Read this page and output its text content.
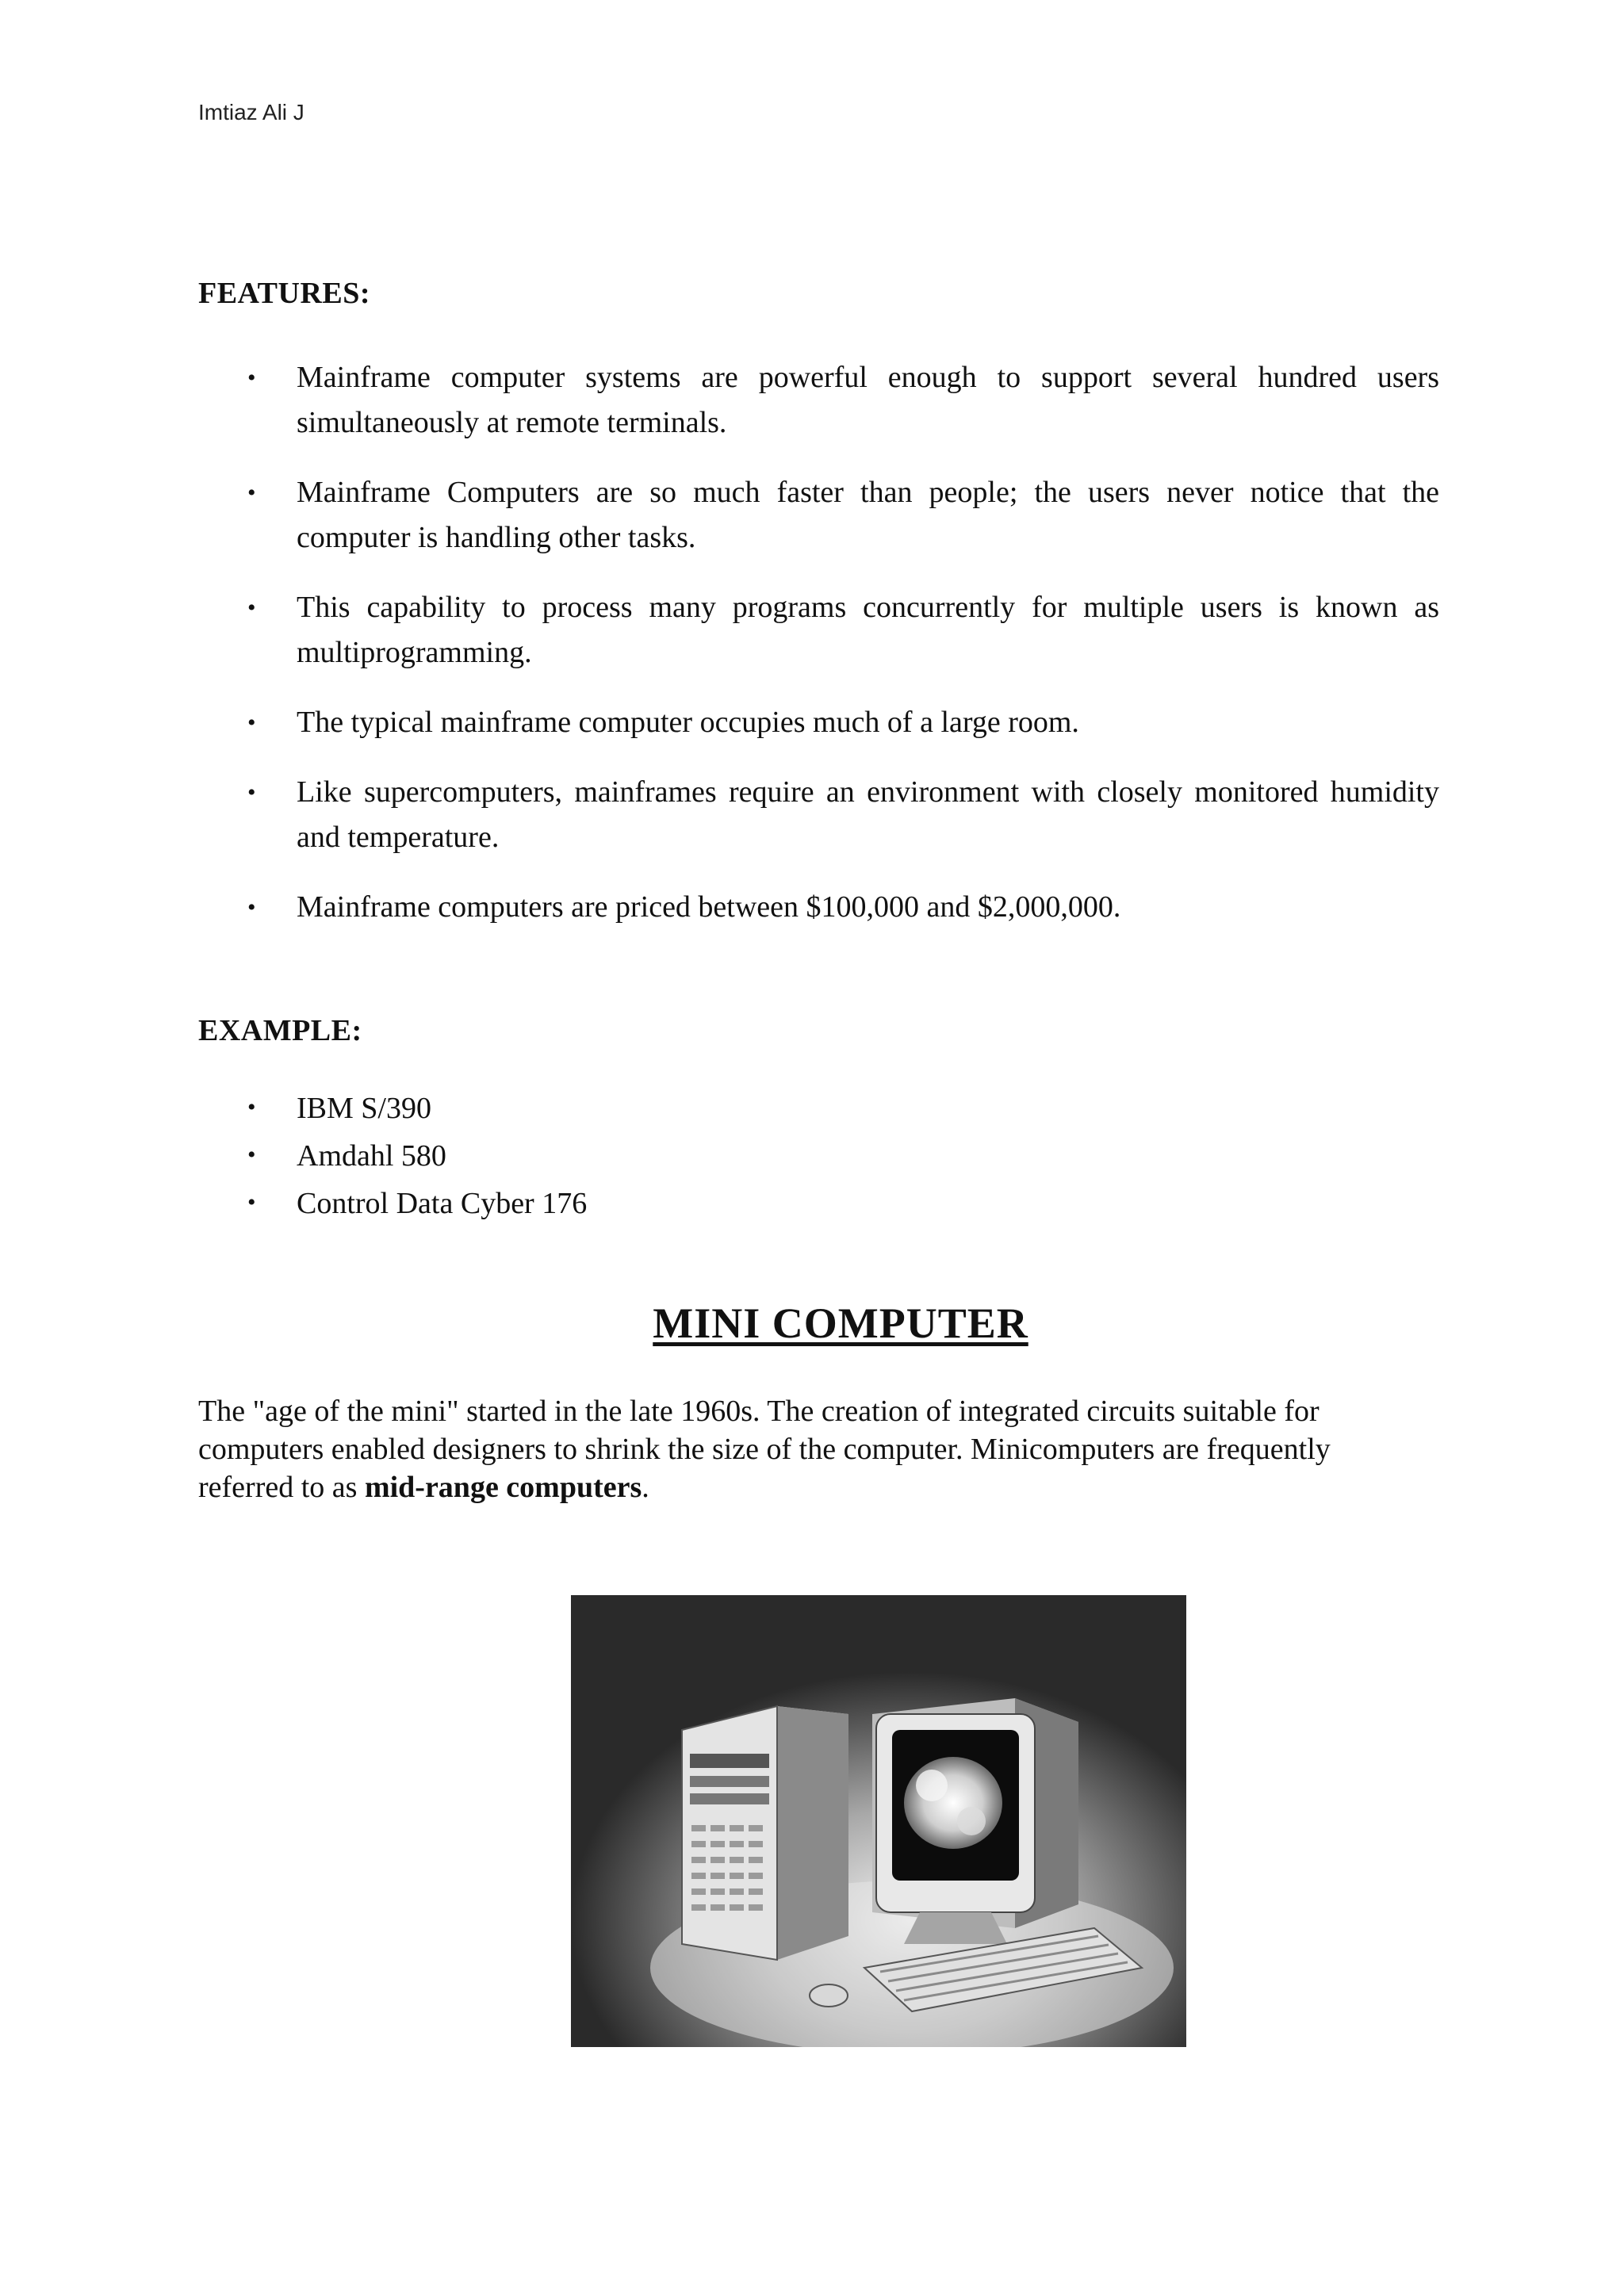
Imtiaz Ali J
FEATURES:
• Mainframe computer systems are powerful enough to support several hundred users simultaneously at remote terminals.
• Mainframe Computers are so much faster than people; the users never notice that the computer is handling other tasks.
• This capability to process many programs concurrently for multiple users is known as multiprogramming.
• The typical mainframe computer occupies much of a large room.
• Like supercomputers, mainframes require an environment with closely monitored humidity and temperature.
• Mainframe computers are priced between $100,000 and $2,000,000.
EXAMPLE:
• IBM S/390
• Amdahl 580
• Control Data Cyber 176
MINI COMPUTER

The "age of the mini" started in the late 1960s. The creation of integrated circuits suitable for computers enabled designers to shrink the size of the computer. Minicomputers are frequently referred to as mid-range computers.
